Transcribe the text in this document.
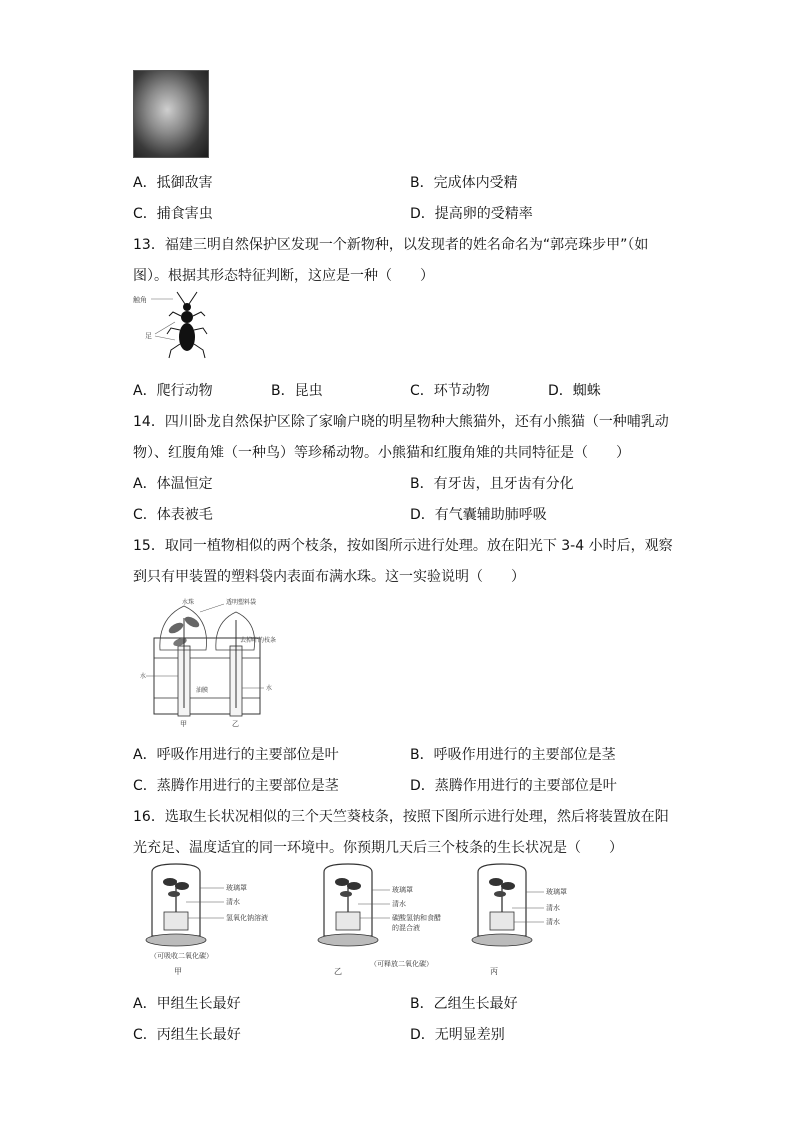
A．抵御敌害	B．完成体内受精
C．捕食害虫	D．提高卵的受精率
13．福建三明自然保护区发现一个新物种，以发现者的姓名命名为“郭亮珠步甲”（如
图）。根据其形态特征判断，这应是一种（　　）
触角
足
A．爬行动物	B．昆虫	C．环节动物	D．蜘蛛
14．四川卧龙自然保护区除了家喻户晓的明星物种大熊猫外，还有小熊猫（一种哺乳动
物）、红腹角雉（一种鸟）等珍稀动物。小熊猫和红腹角雉的共同特征是（　　）
A．体温恒定	B．有牙齿，且牙齿有分化
C．体表被毛	D．有气囊辅助肺呼吸
15．取同一植物相似的两个枝条，按如图所示进行处理。放在阳光下 3-4 小时后，观察
到只有甲装置的塑料袋内表面布满水珠。这一实验说明（　　）
水珠	透明塑料袋
去掉叶的枝条
水
油膜	水
甲	乙
A．呼吸作用进行的主要部位是叶	B．呼吸作用进行的主要部位是茎
C．蒸腾作用进行的主要部位是茎	D．蒸腾作用进行的主要部位是叶
16．选取生长状况相似的三个天竺葵枝条，按照下图所示进行处理，然后将装置放在阳
光充足、温度适宜的同一环境中。你预期几天后三个枝条的生长状况是（　　）
玻璃罩
清水
氢氧化钠溶液
（可吸收二氧化碳）
甲
玻璃罩
清水
碳酸氢钠和食醋
的混合液
（可释放二氧化碳）
乙
玻璃罩
清水
清水
丙
A．甲组生长最好	B．乙组生长最好
C．丙组生长最好	D．无明显差别
